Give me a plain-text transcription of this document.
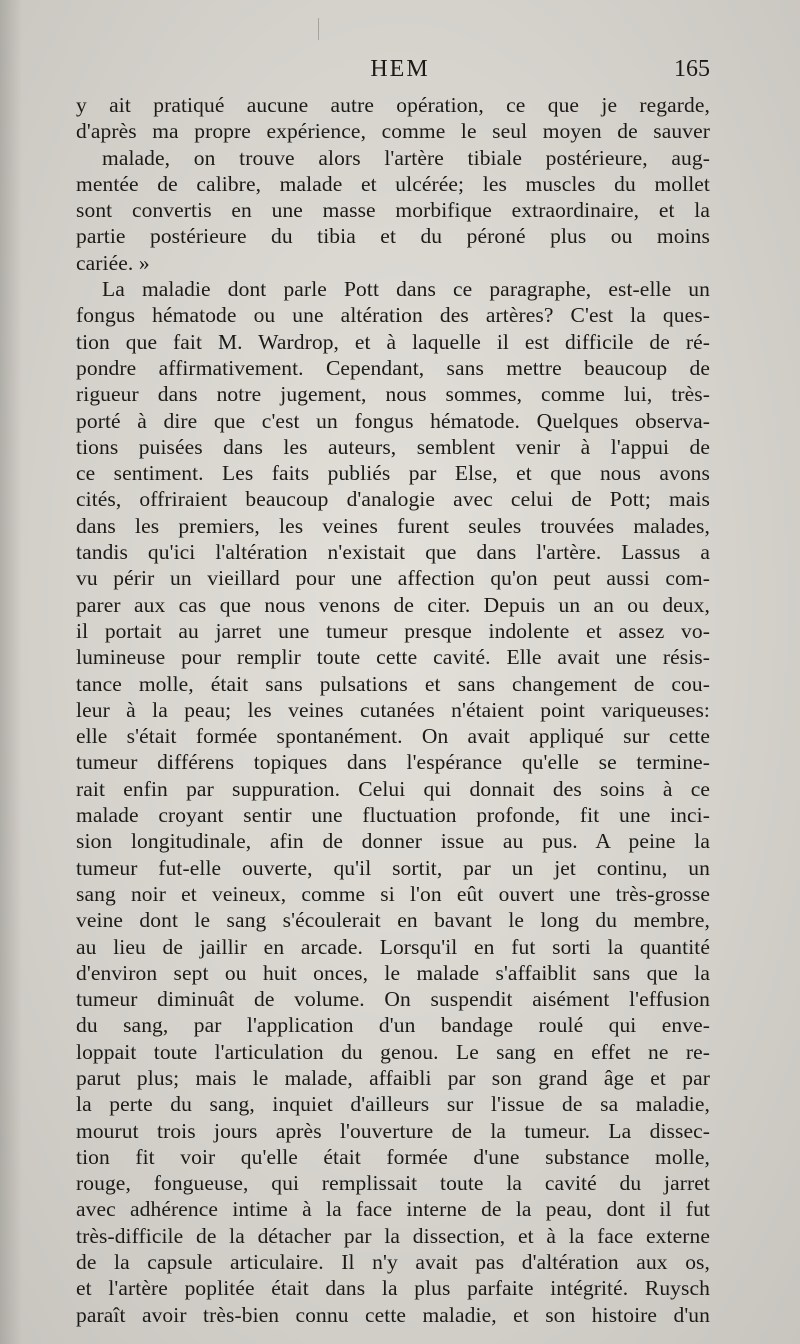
HEM	165
y ait pratiqué aucune autre opération, ce que je regarde,
d'après ma propre expérience, comme le seul moyen de sauver
malade, on trouve alors l'artère tibiale postérieure, aug-
mentée de calibre, malade et ulcérée; les muscles du mollet
sont convertis en une masse morbifique extraordinaire, et la
partie postérieure du tibia et du péroné plus ou moins
cariée. »
La maladie dont parle Pott dans ce paragraphe, est-elle un
fongus hématode ou une altération des artères? C'est la ques-
tion que fait M. Wardrop, et à laquelle il est difficile de ré-
pondre affirmativement. Cependant, sans mettre beaucoup de
rigueur dans notre jugement, nous sommes, comme lui, très-
porté à dire que c'est un fongus hématode. Quelques observa-
tions puisées dans les auteurs, semblent venir à l'appui de
ce sentiment. Les faits publiés par Else, et que nous avons
cités, offriraient beaucoup d'analogie avec celui de Pott; mais
dans les premiers, les veines furent seules trouvées malades,
tandis qu'ici l'altération n'existait que dans l'artère. Lassus a
vu périr un vieillard pour une affection qu'on peut aussi com-
parer aux cas que nous venons de citer. Depuis un an ou deux,
il portait au jarret une tumeur presque indolente et assez vo-
lumineuse pour remplir toute cette cavité. Elle avait une résis-
tance molle, était sans pulsations et sans changement de cou-
leur à la peau; les veines cutanées n'étaient point variqueuses:
elle s'était formée spontanément. On avait appliqué sur cette
tumeur différens topiques dans l'espérance qu'elle se termine-
rait enfin par suppuration. Celui qui donnait des soins à ce
malade croyant sentir une fluctuation profonde, fit une inci-
sion longitudinale, afin de donner issue au pus. A peine la
tumeur fut-elle ouverte, qu'il sortit, par un jet continu, un
sang noir et veineux, comme si l'on eût ouvert une très-grosse
veine dont le sang s'écoulerait en bavant le long du membre,
au lieu de jaillir en arcade. Lorsqu'il en fut sorti la quantité
d'environ sept ou huit onces, le malade s'affaiblit sans que la
tumeur diminuât de volume. On suspendit aisément l'effusion
du sang, par l'application d'un bandage roulé qui enve-
loppait toute l'articulation du genou. Le sang en effet ne re-
parut plus; mais le malade, affaibli par son grand âge et par
la perte du sang, inquiet d'ailleurs sur l'issue de sa maladie,
mourut trois jours après l'ouverture de la tumeur. La dissec-
tion fit voir qu'elle était formée d'une substance molle,
rouge, fongueuse, qui remplissait toute la cavité du jarret
avec adhérence intime à la face interne de la peau, dont il fut
très-difficile de la détacher par la dissection, et à la face externe
de la capsule articulaire. Il n'y avait pas d'altération aux os,
et l'artère poplitée était dans la plus parfaite intégrité. Ruysch
paraît avoir très-bien connu cette maladie, et son histoire d'un
